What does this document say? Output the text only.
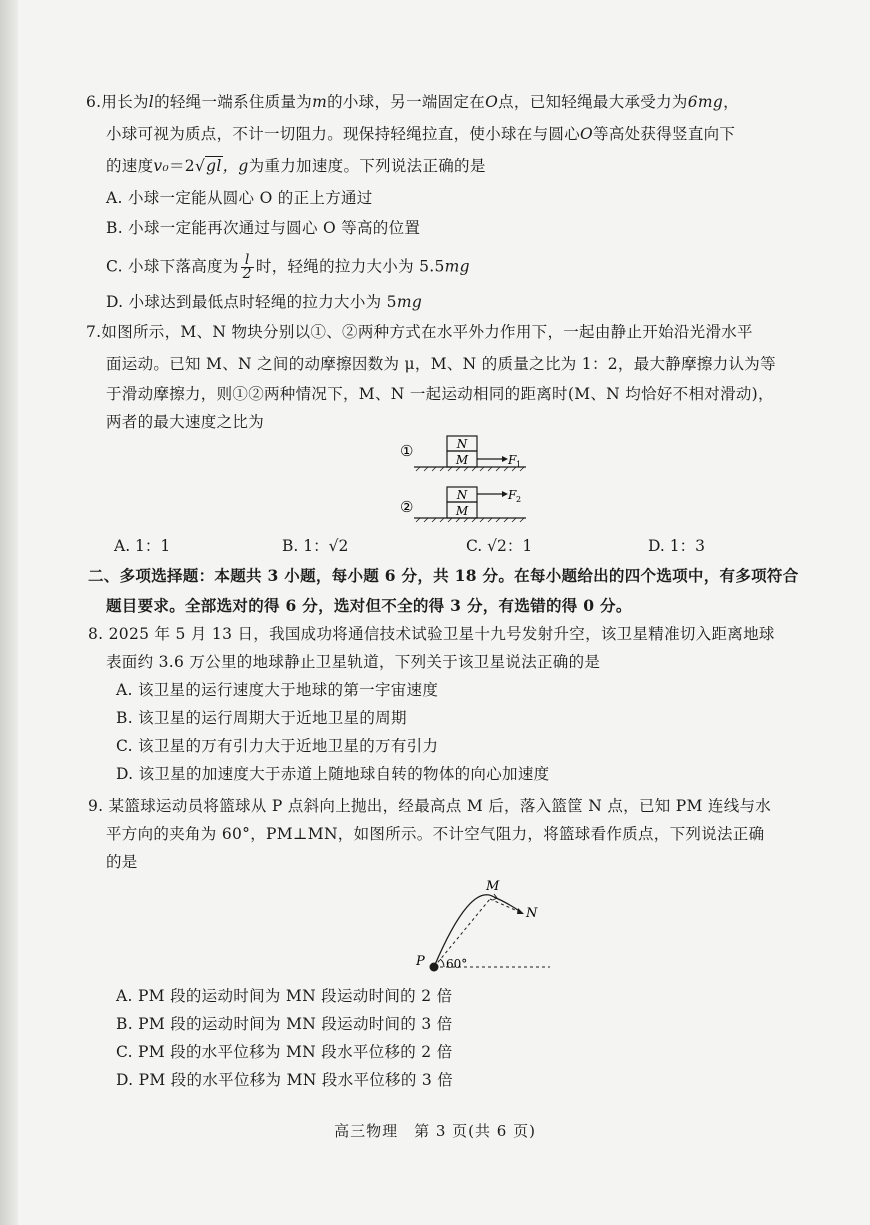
6.用长为l的轻绳一端系住质量为m的小球，另一端固定在O点，已知轻绳最大承受力为6mg，
小球可视为质点，不计一切阻力。现保持轻绳拉直，使小球在与圆心O等高处获得竖直向下
的速度v₀＝2√gl，g为重力加速度。下列说法正确的是
A. 小球一定能从圆心 O 的正上方通过
B. 小球一定能再次通过与圆心 O 等高的位置
C. 小球下落高度为 $\frac{l}{2}$ 时，轻绳的拉力大小为 5.5mg
D. 小球达到最低点时轻绳的拉力大小为 5mg
7.如图所示，M、N 物块分别以①、②两种方式在水平外力作用下，一起由静止开始沿光滑水平
面运动。已知 M、N 之间的动摩擦因数为 μ，M、N 的质量之比为 1：2，最大静摩擦力认为等
于滑动摩擦力，则①②两种情况下，M、N 一起运动相同的距离时(M、N 均恰好不相对滑动)，
两者的最大速度之比为
①	N
M	F 1
②
N
M
F 2
A. 1：1	B. 1：√2	C. √2：1	D. 1：3
二、多项选择题：本题共 3 小题，每小题 6 分，共 18 分。在每小题给出的四个选项中，有多项符合
题目要求。全部选对的得 6 分，选对但不全的得 3 分，有选错的得 0 分。
8. 2025 年 5 月 13 日，我国成功将通信技术试验卫星十九号发射升空，该卫星精准切入距离地球
表面约 3.6 万公里的地球静止卫星轨道，下列关于该卫星说法正确的是
A. 该卫星的运行速度大于地球的第一宇宙速度
B. 该卫星的运行周期大于近地卫星的周期
C. 该卫星的万有引力大于近地卫星的万有引力
D. 该卫星的加速度大于赤道上随地球自转的物体的向心加速度
9. 某篮球运动员将篮球从 P 点斜向上抛出，经最高点 M 后，落入篮筐 N 点，已知 PM 连线与水
平方向的夹角为 60°，PM⊥MN，如图所示。不计空气阻力，将篮球看作质点，下列说法正确
的是
P
M
N
60°
A. PM 段的运动时间为 MN 段运动时间的 2 倍
B. PM 段的运动时间为 MN 段运动时间的 3 倍
C. PM 段的水平位移为 MN 段水平位移的 2 倍
D. PM 段的水平位移为 MN 段水平位移的 3 倍
高三物理　第 3 页(共 6 页)
